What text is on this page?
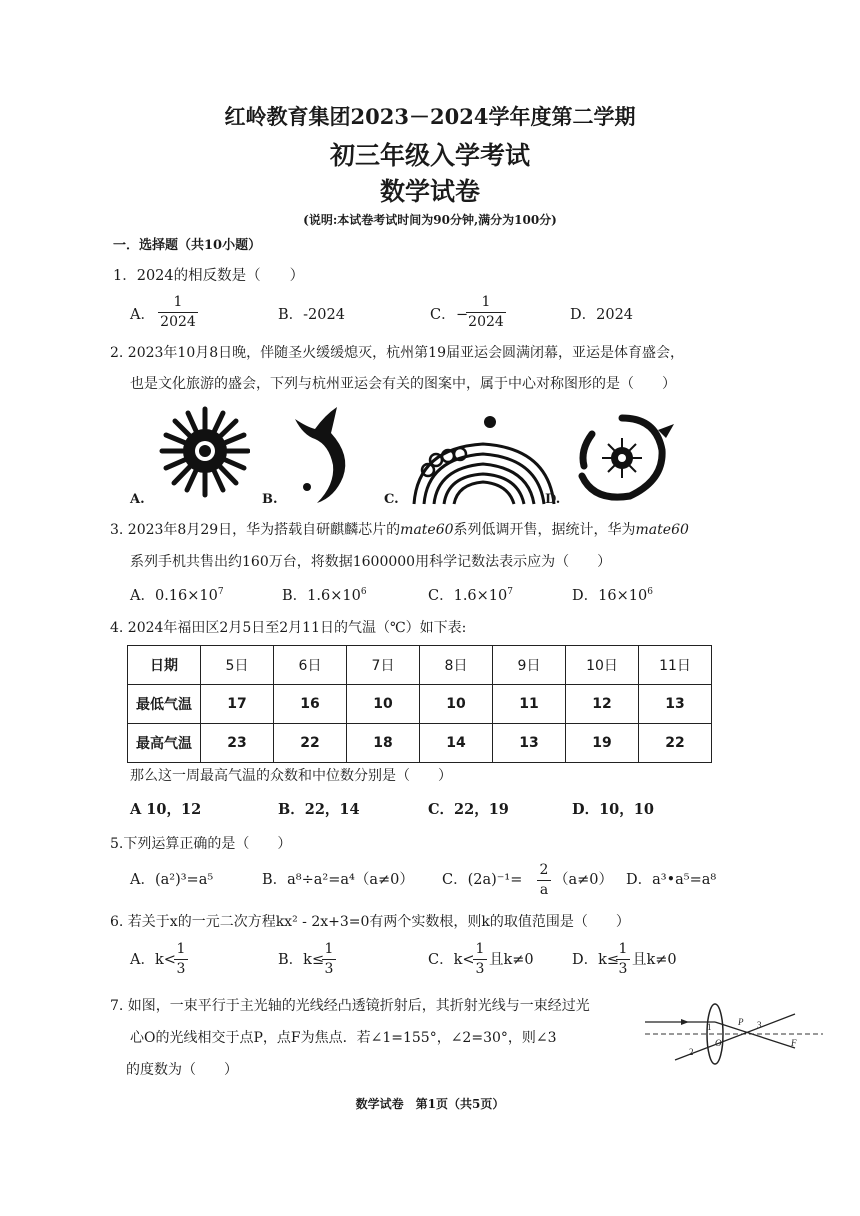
红岭教育集团2023－2024学年度第二学期
初三年级入学考试
数学试卷
(说明:本试卷考试时间为90分钟,满分为100分)
一．选择题（共10小题）
1．2024的相反数是（　　）
A．
1
2024	B．-2024	C． −
1
2024	D．2024
2. 2023年10月8日晚，伴随圣火缓缓熄灭，杭州第19届亚运会圆满闭幕，亚运是体育盛会，
也是文化旅游的盛会，下列与杭州亚运会有关的图案中，属于中心对称图形的是（　　）
A.	B.	C.	D.
3. 2023年8月29日，华为搭载自研麒麟芯片的mate60系列低调开售，据统计，华为mate60
系列手机共售出约160万台，将数据1600000用科学记数法表示应为（　　）
A．$0.16\times 10^7$	B．$1.6\times 10^6$	C．$1.6\times 10^7$	D．$16\times 10^6$
4. 2024年福田区2月5日至2月11日的气温（℃）如下表:
日期	5日	6日	7日	8日	9日	10日	11日
最低气温	17	16	10	10	11	12	13
最高气温	23	22	18	14	13	19	22
那么这一周最高气温的众数和中位数分别是（　　）
A 10，12	B．22，14	C．22，19	D．10，10
5.下列运算正确的是（　　）
A．(a²)³=a⁵	B．a⁸÷a²=a⁴（a≠0） C．(2a)⁻¹=
2
a
（a≠0） D．a³•a⁵=a⁸
6. 若关于x的一元二次方程kx² - 2x+3=0有两个实数根，则k的取值范围是（　　）
A．k<
1
3
B．k≤
1
3
C．k<
1
3
且k≠0	D．k≤
1
3
且k≠0
7. 如图，一束平行于主光轴的光线经凸透镜折射后，其折射光线与一束经过光
心O的光线相交于点P，点F为焦点．若∠1=155°，∠2=30°，则∠3
的度数为（　　）
1	P 3
2
O	F
数学试卷　第1页（共5页）
